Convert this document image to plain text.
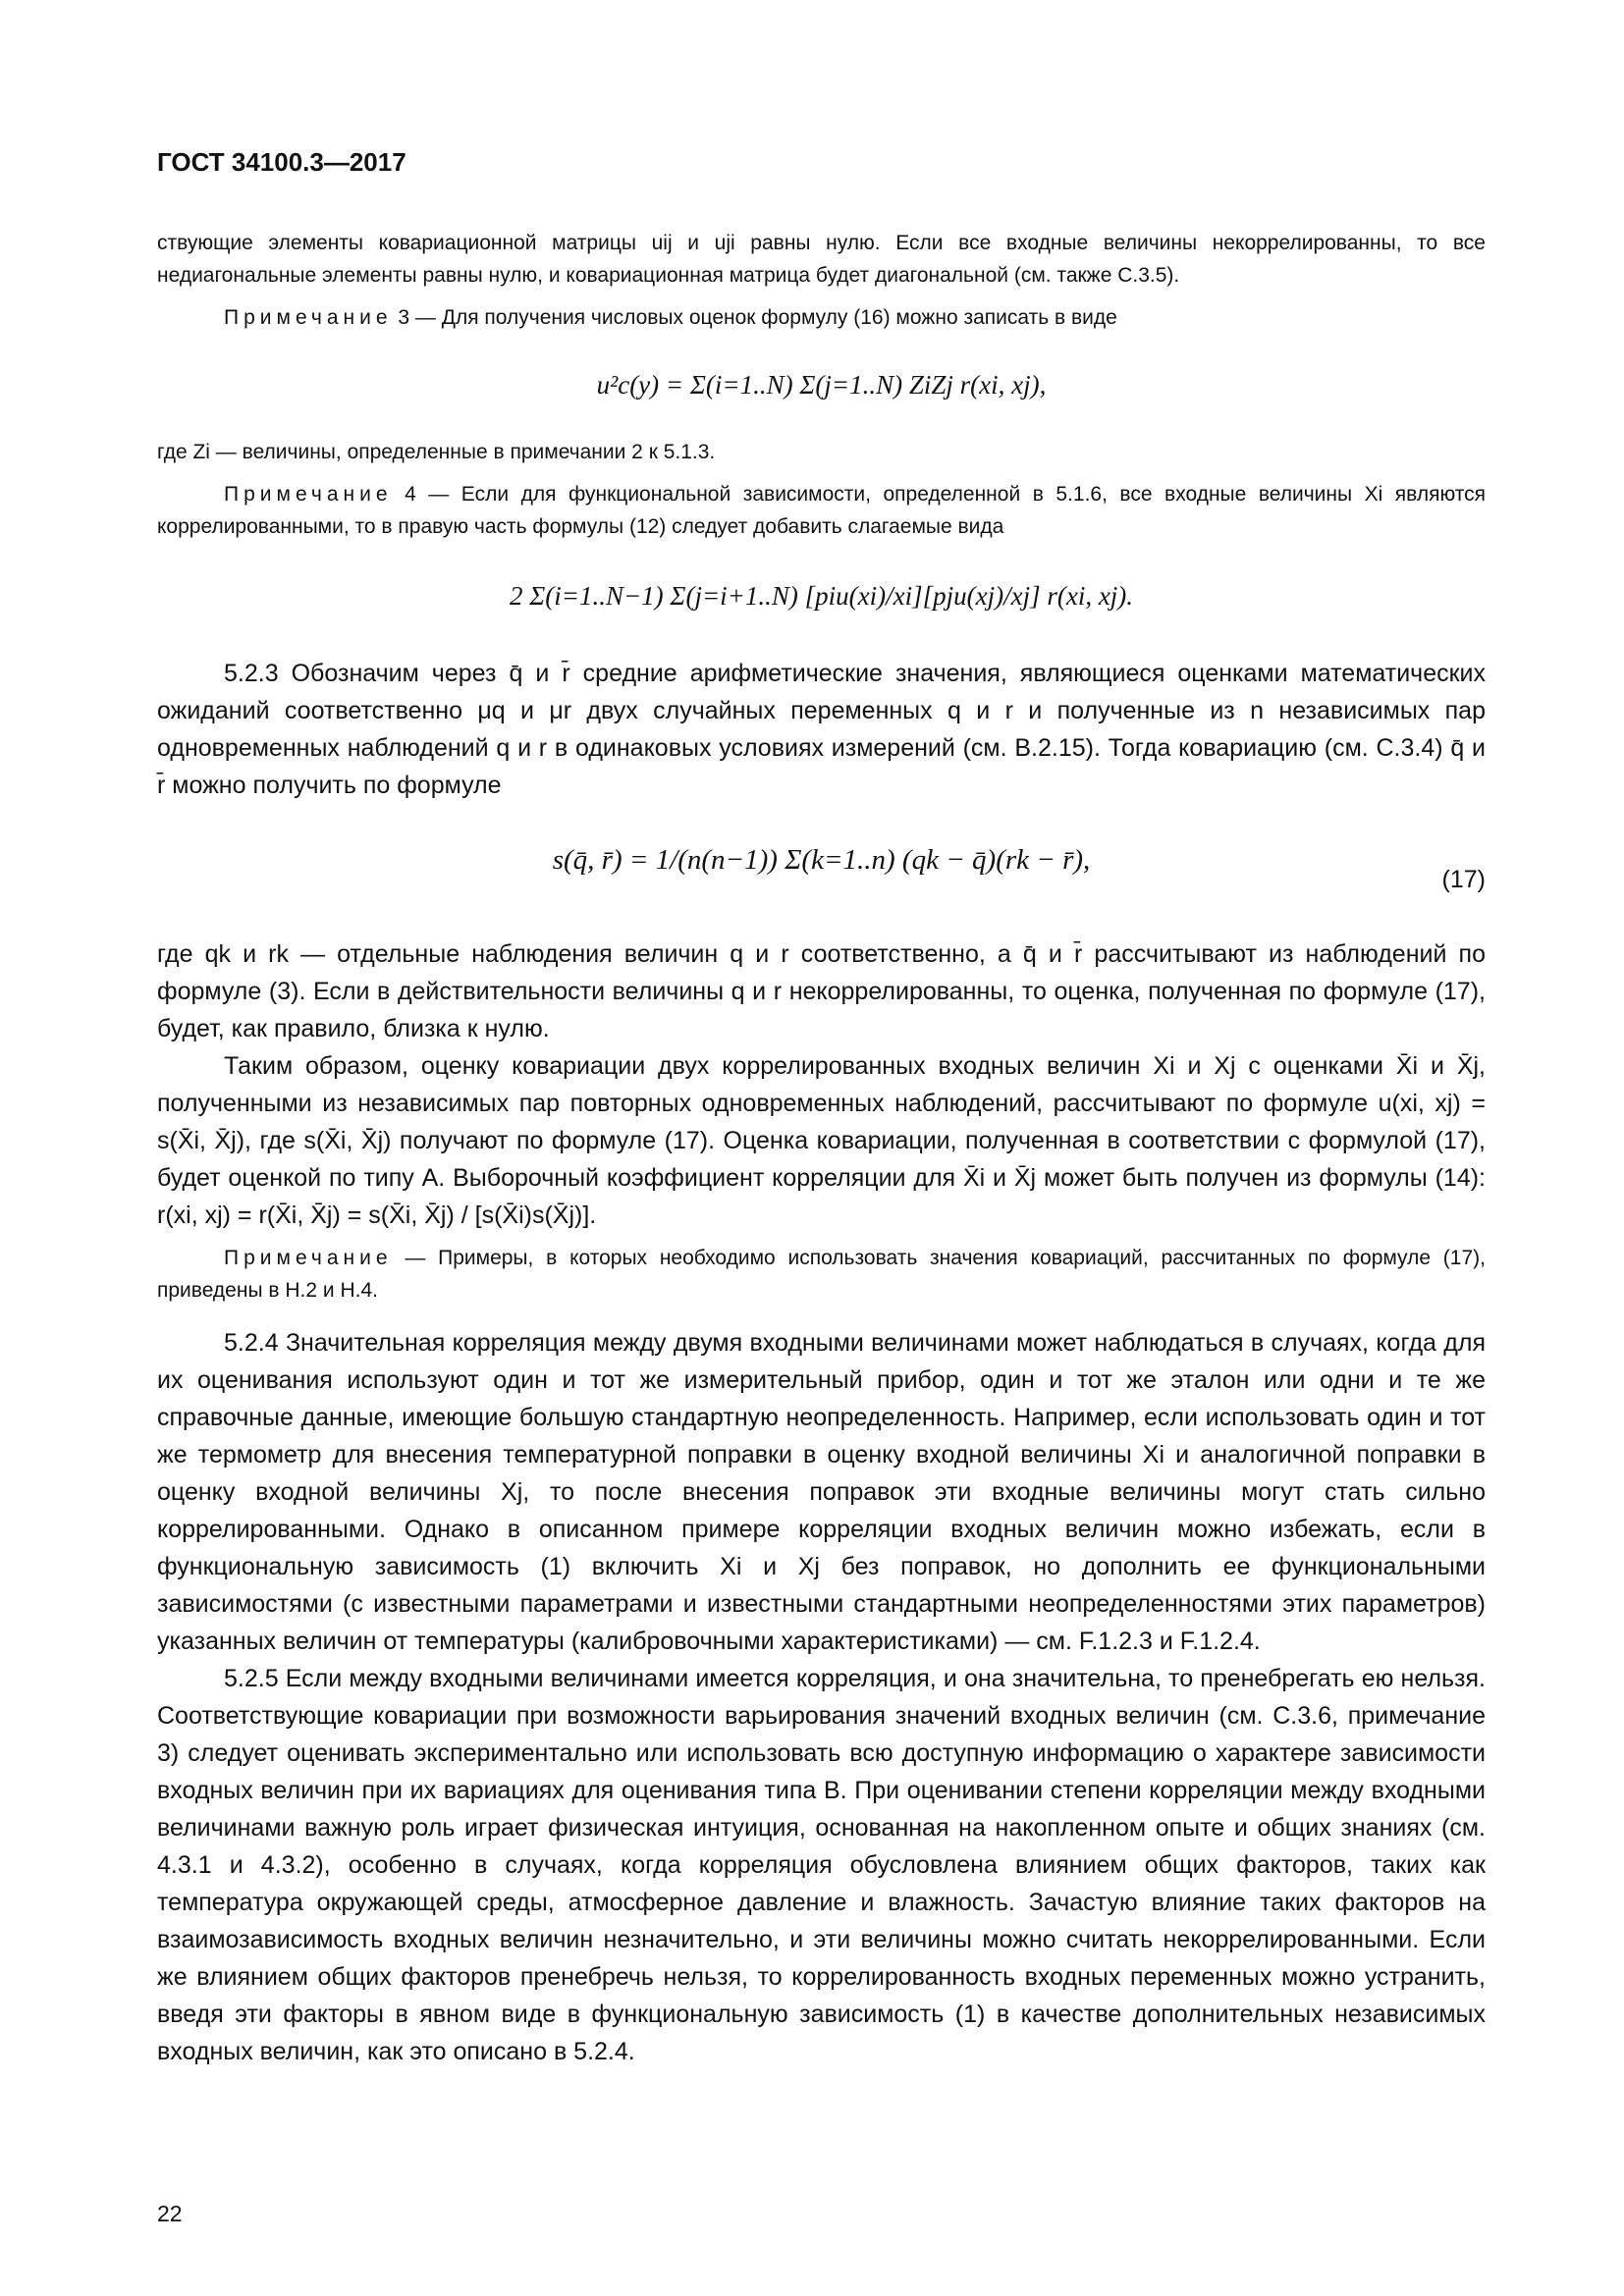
ГОСТ 34100.3—2017

ствующие элементы ковариационной матрицы uij и uji равны нулю. Если все входные величины некоррелированны, то все недиагональные элементы равны нулю, и ковариационная матрица будет диагональной (см. также С.3.5).

Примечание 3 — Для получения числовых оценок формулу (16) можно записать в виде

u²c(y) = Σ(i=1..N) Σ(j=1..N) ZiZj r(xi, xj),

где Zi — величины, определенные в примечании 2 к 5.1.3.

Примечание 4 — Если для функциональной зависимости, определенной в 5.1.6, все входные величины Xi являются коррелированными, то в правую часть формулы (12) следует добавить слагаемые вида

2 Σ(i=1..N−1) Σ(j=i+1..N) [piu(xi)/xi][pju(xj)/xj] r(xi, xj).

5.2.3 Обозначим через q̄ и r̄ средние арифметические значения, являющиеся оценками математических ожиданий соответственно μq и μr двух случайных переменных q и r и полученные из n независимых пар одновременных наблюдений q и r в одинаковых условиях измерений (см. В.2.15). Тогда ковариацию (см. С.3.4) q̄ и r̄ можно получить по формуле

s(q̄, r̄) = 1/(n(n−1)) Σ(k=1..n) (qk − q̄)(rk − r̄),
(17)

где qk и rk — отдельные наблюдения величин q и r соответственно, а q̄ и r̄ рассчитывают из наблюдений по формуле (3). Если в действительности величины q и r некоррелированны, то оценка, полученная по формуле (17), будет, как правило, близка к нулю.

Таким образом, оценку ковариации двух коррелированных входных величин Xi и Xj с оценками X̄i и X̄j, полученными из независимых пар повторных одновременных наблюдений, рассчитывают по формуле u(xi, xj) = s(X̄i, X̄j), где s(X̄i, X̄j) получают по формуле (17). Оценка ковариации, полученная в соответствии с формулой (17), будет оценкой по типу А. Выборочный коэффициент корреляции для X̄i и X̄j может быть получен из формулы (14): r(xi, xj) = r(X̄i, X̄j) = s(X̄i, X̄j) / [s(X̄i)s(X̄j)].

Примечание — Примеры, в которых необходимо использовать значения ковариаций, рассчитанных по формуле (17), приведены в Н.2 и Н.4.

5.2.4 Значительная корреляция между двумя входными величинами может наблюдаться в случаях, когда для их оценивания используют один и тот же измерительный прибор, один и тот же эталон или одни и те же справочные данные, имеющие большую стандартную неопределенность. Например, если использовать один и тот же термометр для внесения температурной поправки в оценку входной величины Xi и аналогичной поправки в оценку входной величины Xj, то после внесения поправок эти входные величины могут стать сильно коррелированными. Однако в описанном примере корреляции входных величин можно избежать, если в функциональную зависимость (1) включить Xi и Xj без поправок, но дополнить ее функциональными зависимостями (с известными параметрами и известными стандартными неопределенностями этих параметров) указанных величин от температуры (калибровочными характеристиками) — см. F.1.2.3 и F.1.2.4.

5.2.5 Если между входными величинами имеется корреляция, и она значительна, то пренебрегать ею нельзя. Соответствующие ковариации при возможности варьирования значений входных величин (см. С.3.6, примечание 3) следует оценивать экспериментально или использовать всю доступную информацию о характере зависимости входных величин при их вариациях для оценивания типа В. При оценивании степени корреляции между входными величинами важную роль играет физическая интуиция, основанная на накопленном опыте и общих знаниях (см. 4.3.1 и 4.3.2), особенно в случаях, когда корреляция обусловлена влиянием общих факторов, таких как температура окружающей среды, атмосферное давление и влажность. Зачастую влияние таких факторов на взаимозависимость входных величин незначительно, и эти величины можно считать некоррелированными. Если же влиянием общих факторов пренебречь нельзя, то коррелированность входных переменных можно устранить, введя эти факторы в явном виде в функциональную зависимость (1) в качестве дополнительных независимых входных величин, как это описано в 5.2.4.

22
